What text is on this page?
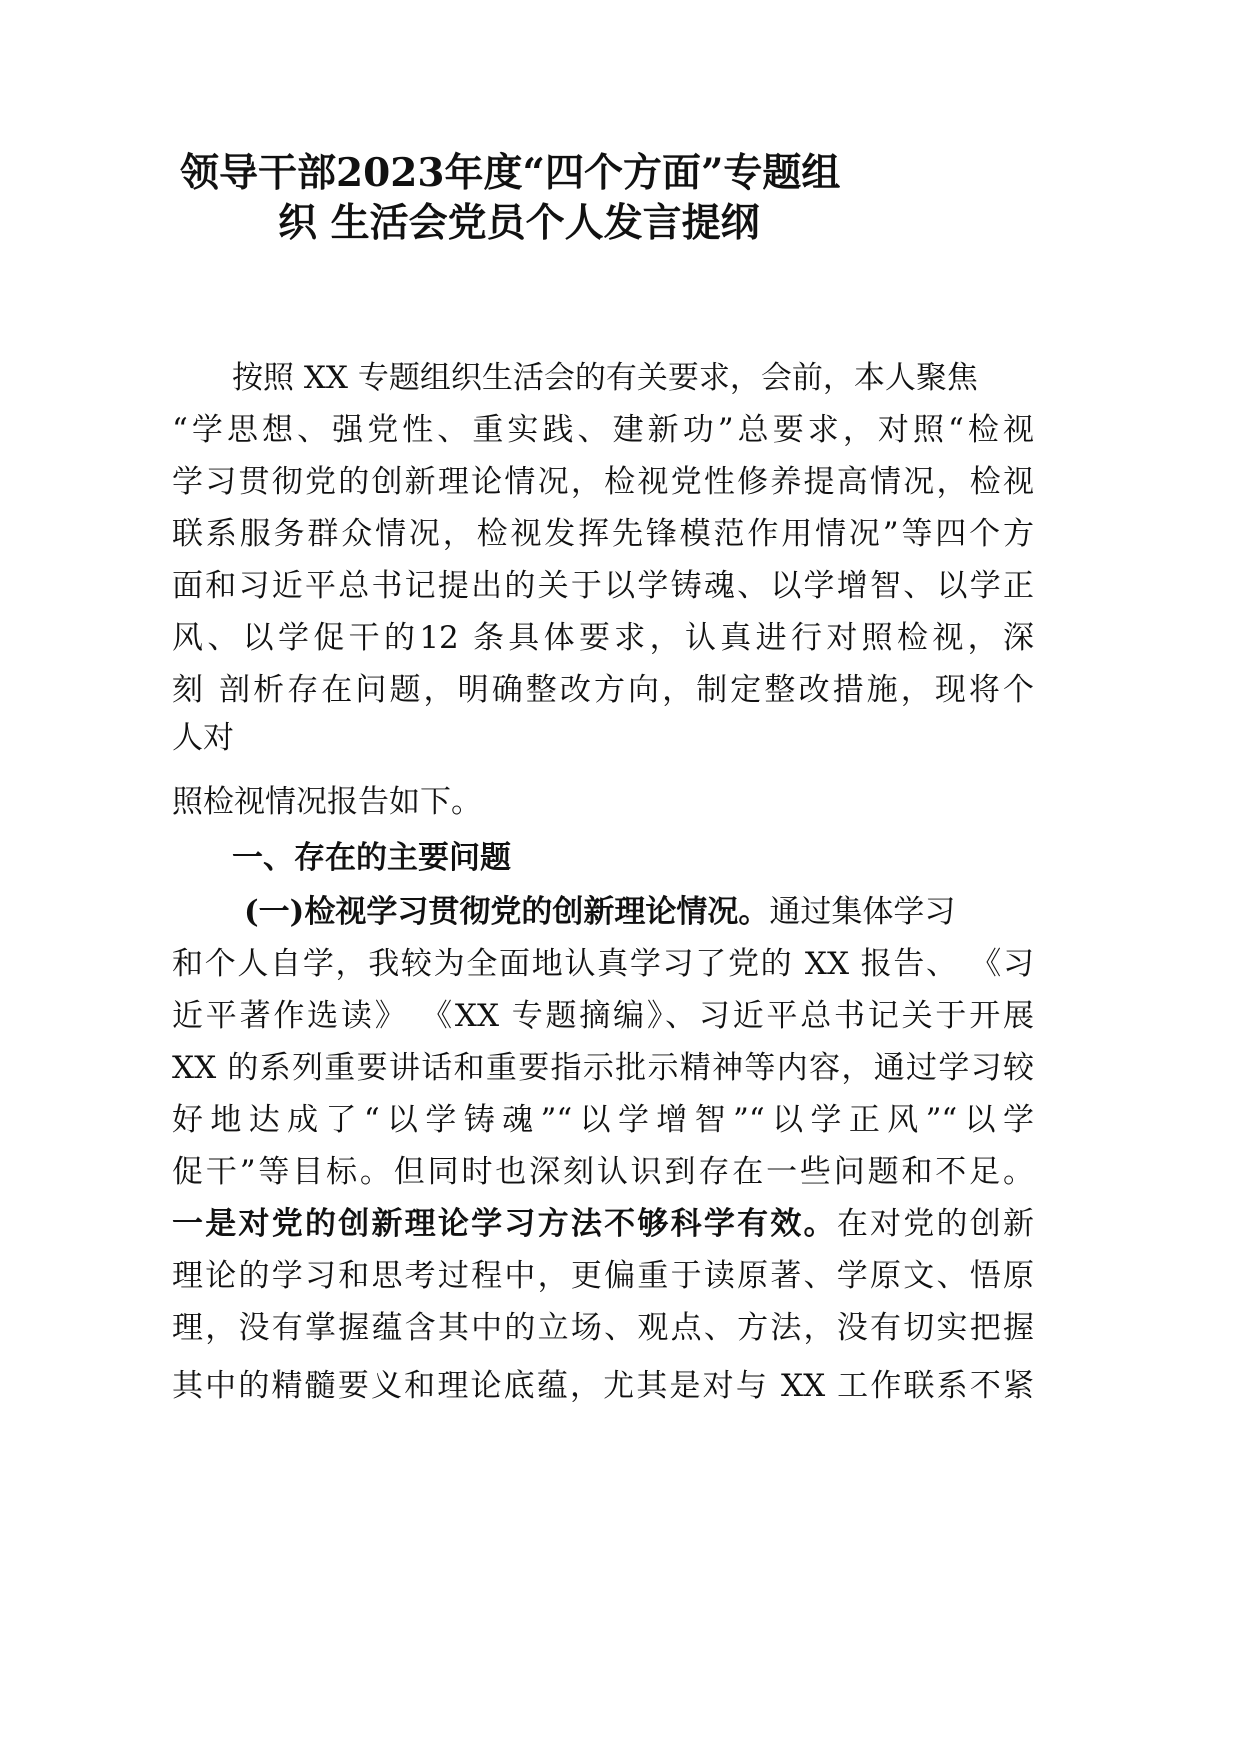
领导干部2023年度“四个方面”专题组

织 生活会党员个人发言提纲

按照 XX 专题组织生活会的有关要求，会前，本人聚焦

“学思想、强党性、重实践、建新功”总要求，对照“检视

学习贯彻党的创新理论情况，检视党性修养提高情况，检视

联系服务群众情况，检视发挥先锋模范作用情况”等四个方

面和习近平总书记提出的关于以学铸魂、以学增智、以学正

风、以学促干的12 条具体要求，认真进行对照检视，深

刻 剖析存在问题，明确整改方向，制定整改措施，现将个

人对

照检视情况报告如下。

一、存在的主要问题

(一)检视学习贯彻党的创新理论情况。通过集体学习

和个人自学，我较为全面地认真学习了党的 XX 报告、 《习

近平著作选读》 《XX 专题摘编》、习近平总书记关于开展

XX 的系列重要讲话和重要指示批示精神等内容，通过学习较

好地达成了“以学铸魂”“以学增智”“以学正风”“以学

促干”等目标。但同时也深刻认识到存在一些问题和不足。

一是对党的创新理论学习方法不够科学有效。在对党的创新

理论的学习和思考过程中，更偏重于读原著、学原文、悟原

理，没有掌握蕴含其中的立场、观点、方法，没有切实把握

其中的精髓要义和理论底蕴，尤其是对与 XX 工作联系不紧
